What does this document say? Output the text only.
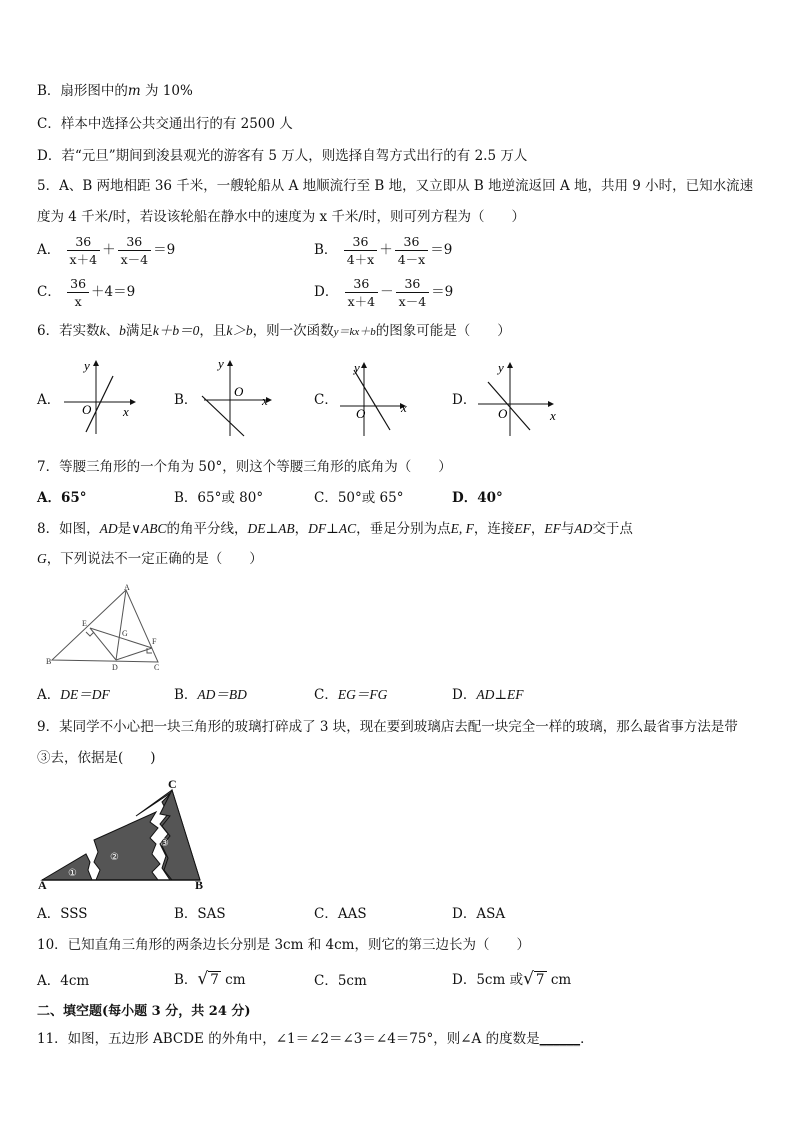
B．扇形图中的𝑚 为 10%
C．样本中选择公共交通出行的有 2500 人
D．若“元旦”期间到浚县观光的游客有 5 万人，则选择自驾方式出行的有 2.5 万人
5．A、B 两地相距 36 千米，一艘轮船从 A 地顺流行至 B 地，又立即从 B 地逆流返回 A 地，共用 9 小时，已知水流速
度为 4 千米/时，若设该轮船在静水中的速度为 x 千米/时，则可列方程为（　　）
A． $\frac{36}{x+4} + \frac{36}{x-4} =9$	B． $\frac{36}{4+x} + \frac{36}{4-x} =9$
C． $\frac{36}{x} +4=9$	D． $\frac{36}{x+4} - \frac{36}{x-4} =9$
6．若实数k、b满足k＋b＝0，且k＞b，则一次函数y＝kx＋b的图象可能是（　　）
A．	B．	C．	D．
y
x
O
y
x
O
y
x
O
y
x
O
7．等腰三角形的一个角为 50°，则这个等腰三角形的底角为（　　）
A．65°	B．65°或 80°	C．50°或 65°	D．40°
8．如图，AD是∨ABC的角平分线，DE⊥AB，DF⊥AC，垂足分别为点E, F，连接EF，EF与AD交于点
G，下列说法不一定正确的是（　　）
A
B
C
D
E
F
G
A．DE＝DF	B．AD＝BD	C．EG＝FG	D．AD⊥EF
9．某同学不小心把一块三角形的玻璃打碎成了 3 块，现在要到玻璃店去配一块完全一样的玻璃，那么最省事方法是带
③去，依据是(　　)
A	B
C
①
②
③
A．SSS	B．SAS	C．AAS	D．ASA
10．已知直角三角形的两条边长分别是 3cm 和 4cm，则它的第三边长为（　　）
A．4cm	B．√ 7 cm	C．5cm	D．5cm 或√ 7 cm
二、填空题(每小题 3 分，共 24 分)
11．如图，五边形 ABCDE 的外角中，∠1＝∠2＝∠3＝∠4＝75°，则∠A 的度数是______．
